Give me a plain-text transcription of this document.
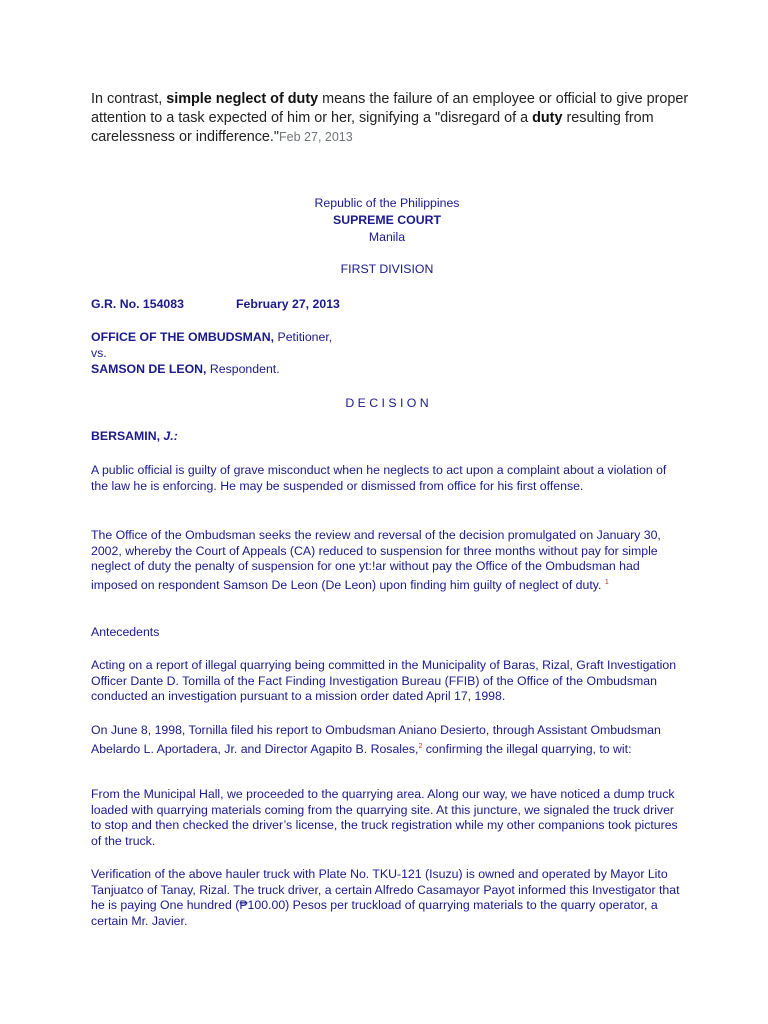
In contrast, simple neglect of duty means the failure of an employee or official to give proper attention to a task expected of him or her, signifying a "disregard of a duty resulting from carelessness or indifference."Feb 27, 2013
Republic of the Philippines
SUPREME COURT
Manila
FIRST DIVISION
G.R. No. 154083	February 27, 2013
OFFICE OF THE OMBUDSMAN, Petitioner,
vs.
SAMSON DE LEON, Respondent.
D E C I S I O N
BERSAMIN, J.:

A public official is guilty of grave misconduct when he neglects to act upon a complaint about a violation of the law he is enforcing. He may be suspended or dismissed from office for his first offense.

The Office of the Ombudsman seeks the review and reversal of the decision promulgated on January 30, 2002, whereby the Court of Appeals (CA) reduced to suspension for three months without pay for simple neglect of duty the penalty of suspension for one yt:!ar without pay the Office of the Ombudsman had imposed on respondent Samson De Leon (De Leon) upon finding him guilty of neglect of duty. $^1$

Antecedents

Acting on a report of illegal quarrying being committed in the Municipality of Baras, Rizal, Graft Investigation Officer Dante D. Tomilla of the Fact Finding Investigation Bureau (FFIB) of the Office of the Ombudsman conducted an investigation pursuant to a mission order dated April 17, 1998.

On June 8, 1998, Tornilla filed his report to Ombudsman Aniano Desierto, through Assistant Ombudsman Abelardo L. Aportadera, Jr. and Director Agapito B. Rosales,$^2$ confirming the illegal quarrying, to wit:

From the Municipal Hall, we proceeded to the quarrying area. Along our way, we have noticed a dump truck loaded with quarrying materials coming from the quarrying site. At this juncture, we signaled the truck driver to stop and then checked the driver’s license, the truck registration while my other companions took pictures of the truck.

Verification of the above hauler truck with Plate No. TKU-121 (Isuzu) is owned and operated by Mayor Lito Tanjuatco of Tanay, Rizal. The truck driver, a certain Alfredo Casamayor Payot informed this Investigator that he is paying One hundred (₱100.00) Pesos per truckload of quarrying materials to the quarry operator, a certain Mr. Javier.
